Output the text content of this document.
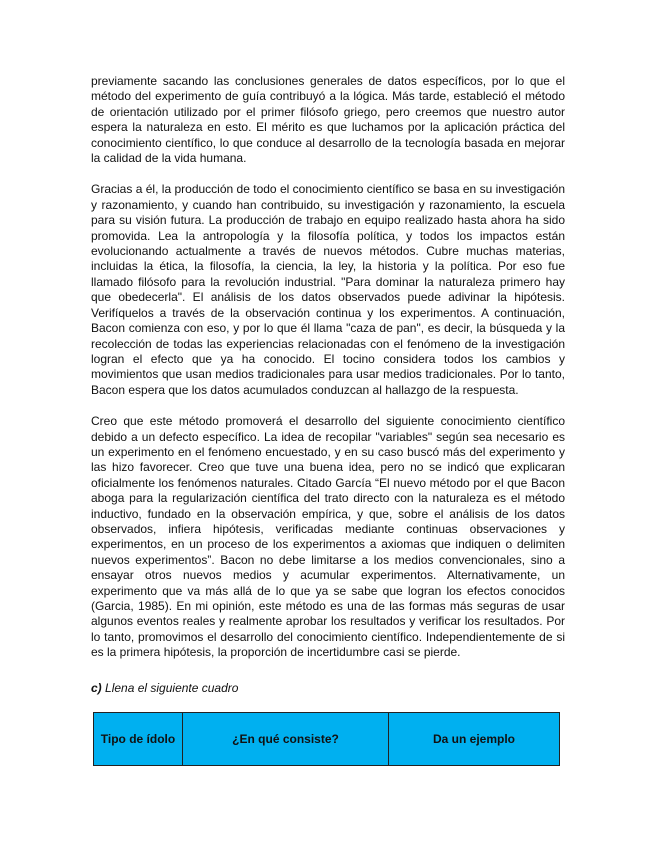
previamente sacando las conclusiones generales de datos específicos, por lo que el método del experimento de guía contribuyó a la lógica. Más tarde, estableció el método de orientación utilizado por el primer filósofo griego, pero creemos que nuestro autor espera la naturaleza en esto. El mérito es que luchamos por la aplicación práctica del conocimiento científico, lo que conduce al desarrollo de la tecnología basada en mejorar la calidad de la vida humana.

Gracias a él, la producción de todo el conocimiento científico se basa en su investigación y razonamiento, y cuando han contribuido, su investigación y razonamiento, la escuela para su visión futura. La producción de trabajo en equipo realizado hasta ahora ha sido promovida. Lea la antropología y la filosofía política, y todos los impactos están evolucionando actualmente a través de nuevos métodos. Cubre muchas materias, incluidas la ética, la filosofía, la ciencia, la ley, la historia y la política. Por eso fue llamado filósofo para la revolución industrial. "Para dominar la naturaleza primero hay que obedecerla". El análisis de los datos observados puede adivinar la hipótesis. Verifíquelos a través de la observación continua y los experimentos. A continuación, Bacon comienza con eso, y por lo que él llama "caza de pan", es decir, la búsqueda y la recolección de todas las experiencias relacionadas con el fenómeno de la investigación logran el efecto que ya ha conocido. El tocino considera todos los cambios y movimientos que usan medios tradicionales para usar medios tradicionales. Por lo tanto, Bacon espera que los datos acumulados conduzcan al hallazgo de la respuesta.

Creo que este método promoverá el desarrollo del siguiente conocimiento científico debido a un defecto específico. La idea de recopilar "variables" según sea necesario es un experimento en el fenómeno encuestado, y en su caso buscó más del experimento y las hizo favorecer. Creo que tuve una buena idea, pero no se indicó que explicaran oficialmente los fenómenos naturales. Citado García “El nuevo método por el que Bacon aboga para la regularización científica del trato directo con la naturaleza es el método inductivo, fundado en la observación empírica, y que, sobre el análisis de los datos observados, infiera hipótesis, verificadas mediante continuas observaciones y experimentos, en un proceso de los experimentos a axiomas que indiquen o delimiten nuevos experimentos”. Bacon no debe limitarse a los medios convencionales, sino a ensayar otros nuevos medios y acumular experimentos. Alternativamente, un experimento que va más allá de lo que ya se sabe que logran los efectos conocidos (Garcia, 1985). En mi opinión, este método es una de las formas más seguras de usar algunos eventos reales y realmente aprobar los resultados y verificar los resultados. Por lo tanto, promovimos el desarrollo del conocimiento científico. Independientemente de si es la primera hipótesis, la proporción de incertidumbre casi se pierde.

c) Llena el siguiente cuadro

Tipo de ídolo	¿En qué consiste?	Da un ejemplo
